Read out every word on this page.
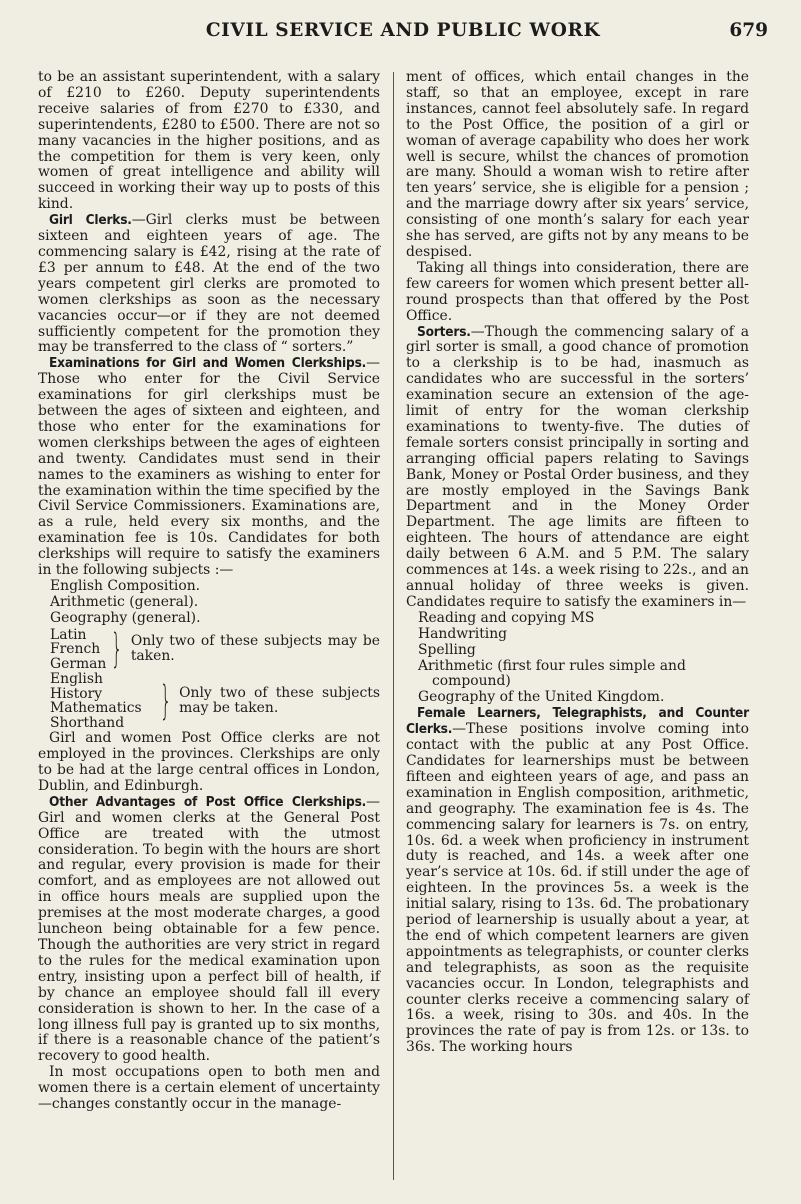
CIVIL SERVICE AND PUBLIC WORK	679

to be an assistant superintendent, with a salary of £210 to £260. Deputy superintendents receive salaries of from £270 to £330, and superintendents, £280 to £500. There are not so many vacancies in the higher positions, and as the competition for them is very keen, only women of great intelligence and ability will succeed in working their way up to posts of this kind.

Girl Clerks.—Girl clerks must be between sixteen and eighteen years of age. The commencing salary is £42, rising at the rate of £3 per annum to £48. At the end of the two years competent girl clerks are promoted to women clerkships as soon as the necessary vacancies occur—or if they are not deemed sufficiently competent for the promotion they may be transferred to the class of “ sorters.”

Examinations for Girl and Women Clerkships.—Those who enter for the Civil Service examinations for girl clerkships must be between the ages of sixteen and eighteen, and those who enter for the examinations for women clerkships between the ages of eighteen and twenty. Candidates must send in their names to the examiners as wishing to enter for the examination within the time specified by the Civil Service Commissioners. Examinations are, as a rule, held every six months, and the examination fee is 10s. Candidates for both clerkships will require to satisfy the examiners in the following subjects :—

English Composition.
Arithmetic (general).
Geography (general).
Latin
French
German } Only two of these subjects may be taken.
English History
Mathematics
Shorthand } Only two of these subjects may be taken.

Girl and women Post Office clerks are not employed in the provinces. Clerkships are only to be had at the large central offices in London, Dublin, and Edinburgh.

Other Advantages of Post Office Clerkships.—Girl and women clerks at the General Post Office are treated with the utmost consideration. To begin with the hours are short and regular, every provision is made for their comfort, and as employees are not allowed out in office hours meals are supplied upon the premises at the most moderate charges, a good luncheon being obtainable for a few pence. Though the authorities are very strict in regard to the rules for the medical examination upon entry, insisting upon a perfect bill of health, if by chance an employee should fall ill every consideration is shown to her. In the case of a long illness full pay is granted up to six months, if there is a reasonable chance of the patient’s recovery to good health.

In most occupations open to both men and women there is a certain element of uncertainty—changes constantly occur in the manage-

ment of offices, which entail changes in the staff, so that an employee, except in rare instances, cannot feel absolutely safe. In regard to the Post Office, the position of a girl or woman of average capability who does her work well is secure, whilst the chances of promotion are many. Should a woman wish to retire after ten years’ service, she is eligible for a pension ; and the marriage dowry after six years’ service, consisting of one month’s salary for each year she has served, are gifts not by any means to be despised.

Taking all things into consideration, there are few careers for women which present better all-round prospects than that offered by the Post Office.

Sorters.—Though the commencing salary of a girl sorter is small, a good chance of promotion to a clerkship is to be had, inasmuch as candidates who are successful in the sorters’ examination secure an extension of the age-limit of entry for the woman clerkship examinations to twenty-five. The duties of female sorters consist principally in sorting and arranging official papers relating to Savings Bank, Money or Postal Order business, and they are mostly employed in the Savings Bank Department and in the Money Order Department. The age limits are fifteen to eighteen. The hours of attendance are eight daily between 6 A.M. and 5 P.M. The salary commences at 14s. a week rising to 22s., and an annual holiday of three weeks is given. Candidates require to satisfy the examiners in—

Reading and copying MS
Handwriting
Spelling
Arithmetic (first four rules simple and
compound)
Geography of the United Kingdom.

Female Learners, Telegraphists, and Counter Clerks.—These positions involve coming into contact with the public at any Post Office. Candidates for learnerships must be between fifteen and eighteen years of age, and pass an examination in English composition, arithmetic, and geography. The examination fee is 4s. The commencing salary for learners is 7s. on entry, 10s. 6d. a week when proficiency in instrument duty is reached, and 14s. a week after one year’s service at 10s. 6d. if still under the age of eighteen. In the provinces 5s. a week is the initial salary, rising to 13s. 6d. The probationary period of learnership is usually about a year, at the end of which competent learners are given appointments as telegraphists, or counter clerks and telegraphists, as soon as the requisite vacancies occur. In London, telegraphists and counter clerks receive a commencing salary of 16s. a week, rising to 30s. and 40s. In the provinces the rate of pay is from 12s. or 13s. to 36s. The working hours
